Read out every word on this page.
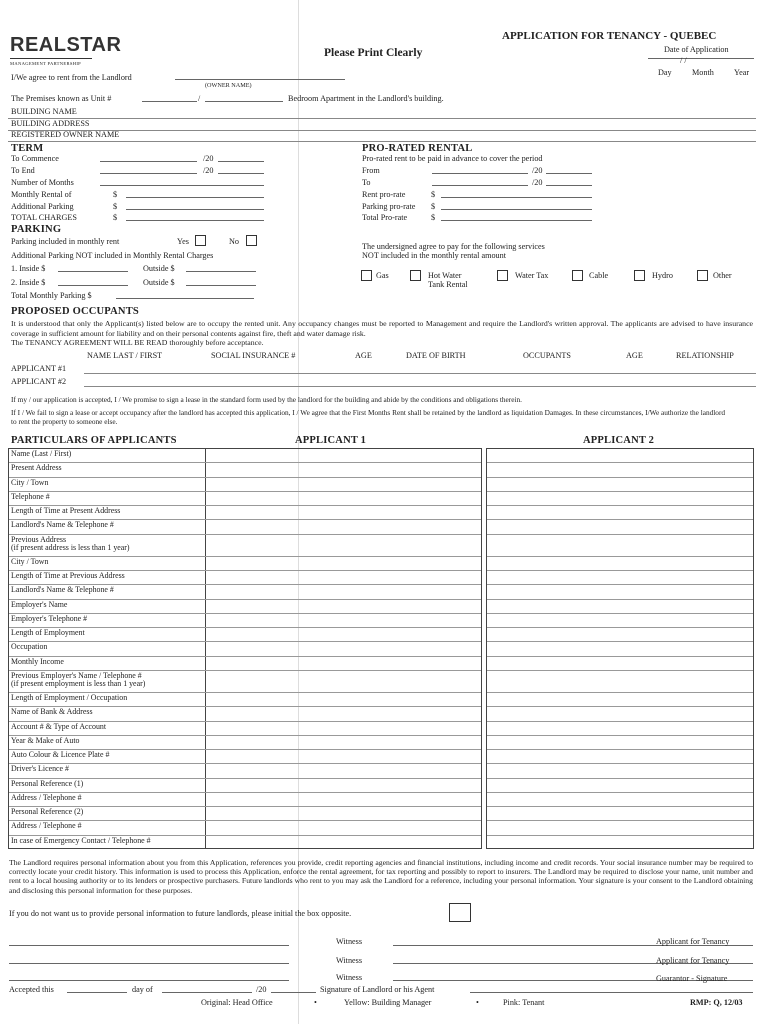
REALSTAR
MANAGEMENT PARTNERSHIP
Please Print Clearly
APPLICATION FOR TENANCY - QUEBEC
Date of Application
/ /
Day Month Year
I/We agree to rent from the Landlord
(OWNER NAME)
The Premises known as Unit #	/	Bedroom Apartment in the Landlord's building.
BUILDING NAME
BUILDING ADDRESS
REGISTERED OWNER NAME
TERM
To Commence	/20
To End	/20
Number of Months
Monthly Rental of	$
Additional Parking	$
TOTAL CHARGES	$
PRO-RATED RENTAL
Pro-rated rent to be paid in advance to cover the period
From	/20
To	/20
Rent pro-rate	$
Parking pro-rate $
Total Pro-rate	$
PARKING
Parking included in monthly rent	Yes	No
Additional Parking NOT included in Monthly Rental Charges
1. Inside $	Outside $
2. Inside $	Outside $
Total Monthly Parking $
The undersigned agree to pay for the following services
NOT included in the monthly rental amount
Gas	Hot Water
Tank Rental
Water Tax	Cable	Hydro	Other
PROPOSED OCCUPANTS
It is understood that only the Applicant(s) listed below are to occupy the rented unit. Any occupancy changes must be reported to Management and require the Landlord's written approval. The applicants are advised to have insurance coverage in sufficient amount for liability and on their personal contents against fire, theft and water damage risk.
The TENANCY AGREEMENT WILL BE READ thoroughly before acceptance.
NAME LAST / FIRST	SOCIAL INSURANCE #	AGE	DATE OF BIRTH	OCCUPANTS	AGE	RELATIONSHIP
APPLICANT #1
APPLICANT #2
If my / our application is accepted, I / We promise to sign a lease in the standard form used by the landlord for the building and abide by the conditions and obligations therein.
If I / We fail to sign a lease or accept occupancy after the landlord has accepted this application, I / We agree that the First Months Rent shall be retained by the landlord as liquidation Damages. In these circumstances, I/We authorize the landlord to rent the property to someone else.
PARTICULARS OF APPLICANTS	APPLICANT 1	APPLICANT 2
Name (Last / First)
Present Address
City / Town
Telephone #
Length of Time at Present Address
Landlord's Name & Telephone #
Previous Address
(if present address is less than 1 year)
City / Town
Length of Time at Previous Address
Landlord's Name & Telephone #
Employer's Name
Employer's Telephone #
Length of Employment
Occupation
Monthly Income
Previous Employer's Name / Telephone #
(if present employment is less than 1 year)
Length of Employment / Occupation
Name of Bank & Address
Account # & Type of Account
Year & Make of Auto
Auto Colour & Licence Plate #
Driver's Licence #
Personal Reference (1)
Address / Telephone #
Personal Reference (2)
Address / Telephone #
In case of Emergency Contact / Telephone #
The Landlord requires personal information about you from this Application, references you provide, credit reporting agencies and financial institutions, including income and credit records. Your social insurance number may be required to correctly locate your credit history. This information is used to process this Application, enforce the rental agreement, for tax reporting and possibly to report to insurers. The Landlord may be required to disclose your name, unit number and rent to a local housing authority or to its lenders or prospective purchasers. Future landlords who rent to you may ask the Landlord for a reference, including your personal information. Your signature is your consent to the Landlord obtaining and disclosing this personal information for these purposes.
If you do not want us to provide personal information to future landlords, please initial the box opposite.
Witness	Applicant for Tenancy
Witness	Applicant for Tenancy
Witness	Guarantor - Signature
Accepted this	day of	/20	Signature of Landlord or his Agent
Original: Head Office	•	Yellow: Building Manager	•	Pink: Tenant	RMP: Q, 12/03
